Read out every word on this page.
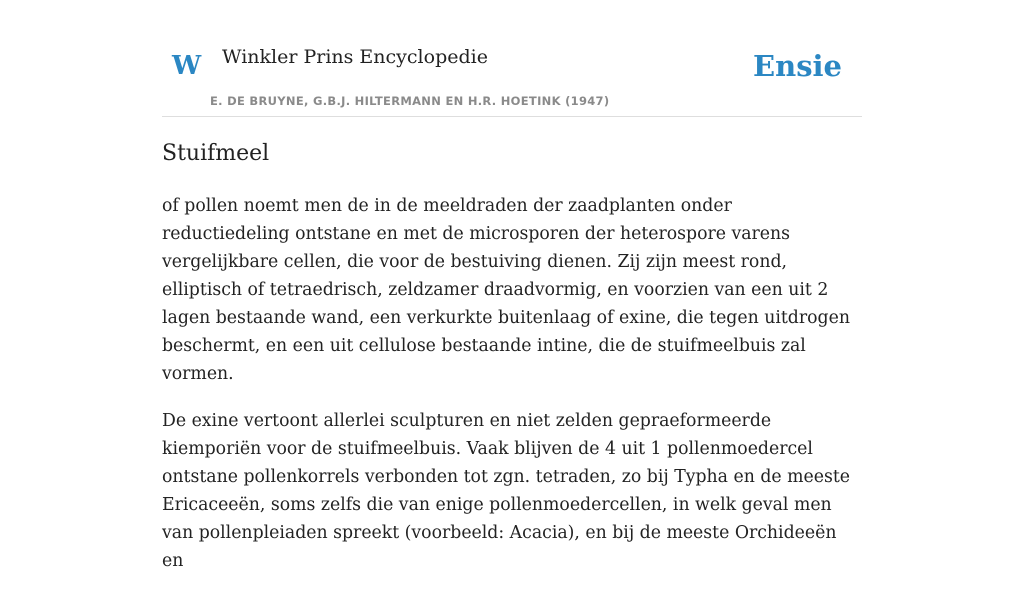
W Winkler Prins Encyclopedie
E. DE BRUYNE, G.B.J. HILTERMANN EN H.R. HOETINK (1947)
Ensie
Stuifmeel

of pollen noemt men de in de meeldraden der zaadplanten onder reductiedeling ontstane en met de microsporen der heterospore varens vergelijkbare cellen, die voor de bestuiving dienen. Zij zijn meest rond, elliptisch of tetraedrisch, zeldzamer draadvormig, en voorzien van een uit 2 lagen bestaande wand, een verkurkte buitenlaag of exine, die tegen uitdrogen beschermt, en een uit cellulose bestaande intine, die de stuifmeelbuis zal vormen.

De exine vertoont allerlei sculpturen en niet zelden gepraeformeerde kiemporiën voor de stuifmeelbuis. Vaak blijven de 4 uit 1 pollenmoedercel ontstane pollenkorrels verbonden tot zgn. tetraden, zo bij Typha en de meeste Ericaceeën, soms zelfs die van enige pollenmoedercellen, in welk geval men van pollenpleiaden spreekt (voorbeeld: Acacia), en bij de meeste Orchideeën en
